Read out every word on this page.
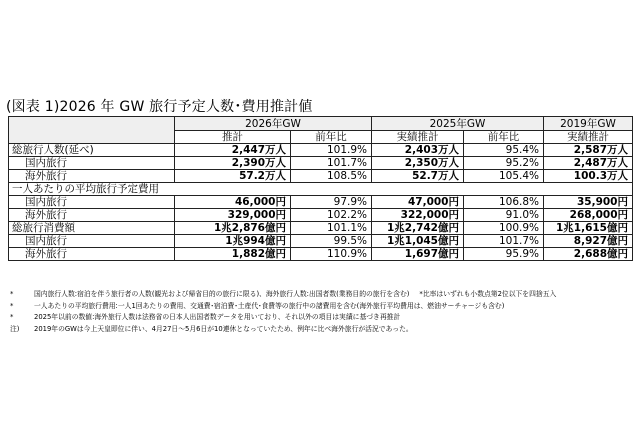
(図表 1)2026 年 GW 旅行予定人数･費用推計値
	2026年GW		2025年GW		2019年GW
	推計	前年比	実績推計	前年比	実績推計
総旅行人数(延べ)	2,447万人	101.9%	2,403万人	95.4%	2,587万人
国内旅行	2,390万人	101.7%	2,350万人	95.2%	2,487万人
海外旅行	57.2万人	108.5%	52.7万人	105.4%	100.3万人
一人あたりの平均旅行予定費用					
国内旅行	46,000円	97.9%	47,000円	106.8%	35,900円
海外旅行	329,000円	102.2%	322,000円	91.0%	268,000円
総旅行消費額	1兆2,876億円	101.1%	1兆2,742億円	100.9%	1兆1,615億円
国内旅行	1兆994億円	99.5%	1兆1,045億円	101.7%	8,927億円
海外旅行	1,882億円	110.9%	1,697億円	95.9%	2,688億円
*	国内旅行人数:宿泊を伴う旅行者の人数(観光および帰省目的の旅行に限る)、海外旅行人数:出国者数(業務目的の旅行を含む) *比率はいずれも小数点第2位以下を四捨五入
*	一人あたりの平均旅行費用:一人1回あたりの費用、交通費･宿泊費･土産代･食費等の旅行中の諸費用を含む(海外旅行平均費用は、燃油サーチャージも含む)
*	2025年以前の数値:海外旅行人数は法務省の日本人出国者数データを用いており、それ以外の項目は実績に基づき再推計
注)	2019年のGWは今上天皇即位に伴い、4月27日～5月6日が10連休となっていたため、例年に比べ海外旅行が活況であった。
